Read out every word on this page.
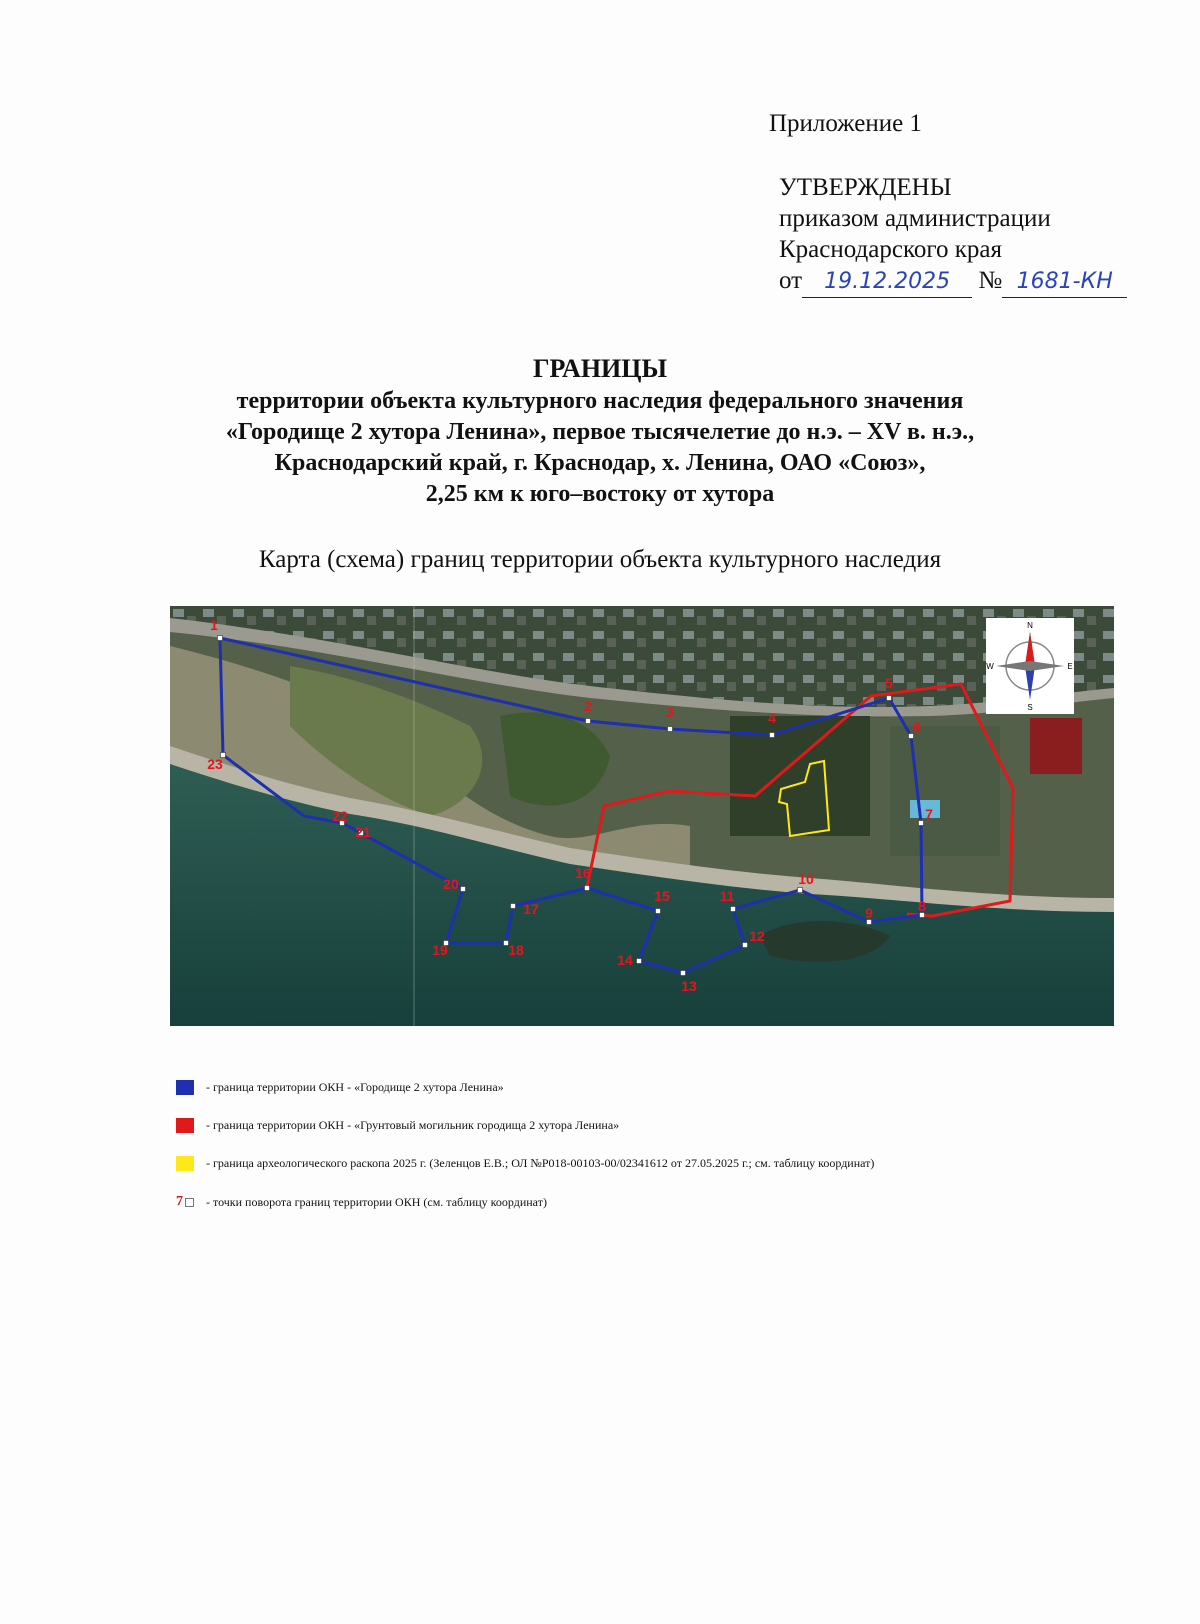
Приложение 1
УТВЕРЖДЕНЫ
приказом администрации
Краснодарского края
от 19.12.2025 № 1681-КН
ГРАНИЦЫ
территории объекта культурного наследия федерального значения
«Городище 2 хутора Ленина», первое тысячелетие до н.э. – XV в. н.э.,
Краснодарский край, г. Краснодар, х. Ленина, ОАО «Союз»,
2,25 км к юго–востоку от хутора
Карта (схема) границ территории объекта культурного наследия
1
2	3	4
5
6
7
8
9
10
11
12
13
14
15
16
17
18
19
20
21
22
23
N
S
W	E
- граница территории ОКН - «Городище 2 хутора Ленина»
- граница территории ОКН - «Грунтовый могильник городища 2 хутора Ленина»
- граница археологического раскопа 2025 г. (Зеленцов Е.В.; ОЛ №Р018-00103-00/02341612 от 27.05.2025 г.; см. таблицу координат)
7 - точки поворота границ территории ОКН (см. таблицу координат)
